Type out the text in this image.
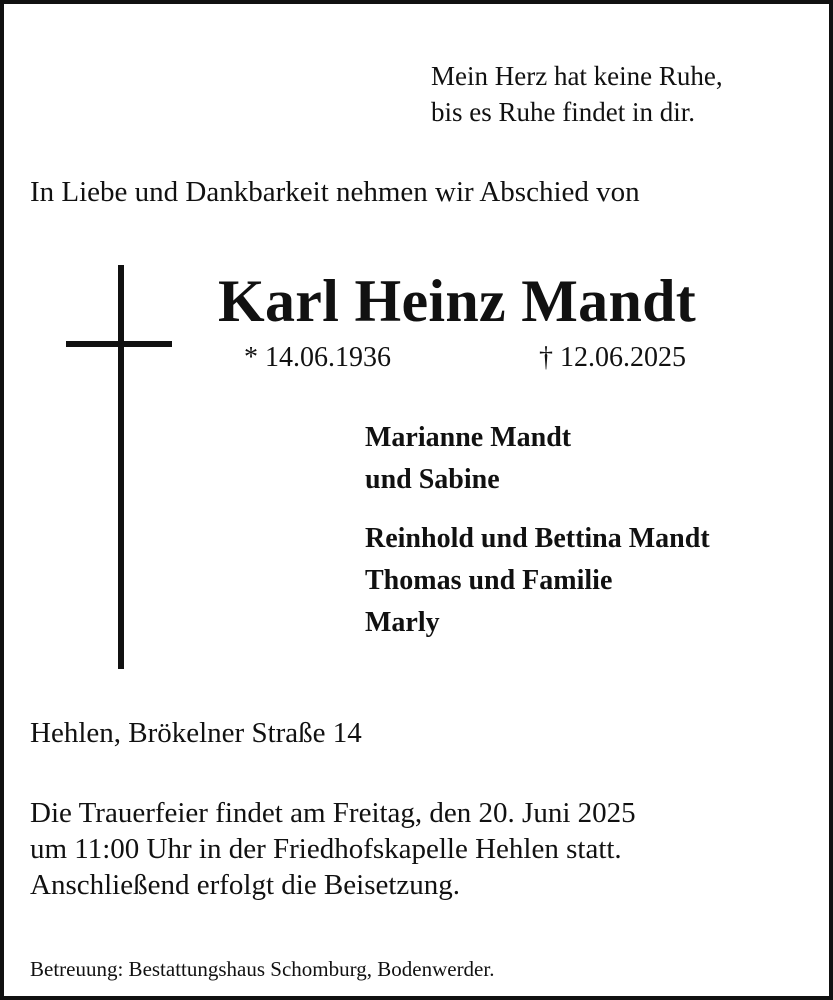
Mein Herz hat keine Ruhe,
bis es Ruhe findet in dir.
In Liebe und Dankbarkeit nehmen wir Abschied von
Karl Heinz Mandt
* 14.06.1936	† 12.06.2025
Marianne Mandt
und Sabine
Reinhold und Bettina Mandt
Thomas und Familie
Marly
Hehlen, Brökelner Straße 14
Die Trauerfeier findet am Freitag, den 20. Juni 2025
um 11:00 Uhr in der Friedhofskapelle Hehlen statt.
Anschließend erfolgt die Beisetzung.
Betreuung: Bestattungshaus Schomburg, Bodenwerder.
